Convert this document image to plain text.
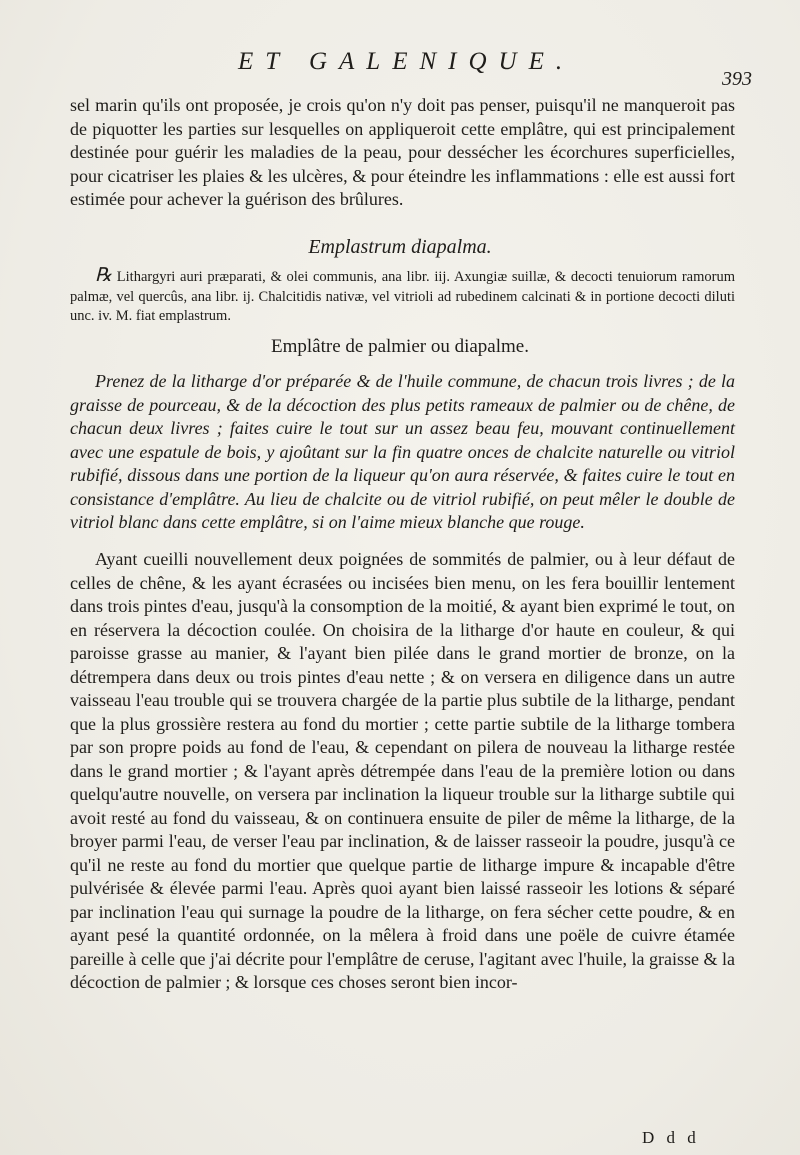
ET GALENIQUE.
393

sel marin qu'ils ont proposée, je crois qu'on n'y doit pas penser, puisqu'il ne manqueroit pas de piquotter les parties sur lesquelles on appliqueroit cette emplâtre, qui est principalement destinée pour guérir les maladies de la peau, pour dessécher les écorchures superficielles, pour cicatriser les plaies & les ulcères, & pour éteindre les inflammations : elle est aussi fort estimée pour achever la guérison des brûlures.

Emplastrum diapalma.

℞ Lithargyri auri præparati, & olei communis, ana libr. iij. Axungiæ suillæ, & decocti tenuiorum ramorum palmæ, vel quercûs, ana libr. ij. Chalcitidis nativæ, vel vitrioli ad rubedinem calcinati & in portione decocti diluti unc. iv. M. fiat emplastrum.

Emplâtre de palmier ou diapalme.

Prenez de la litharge d'or préparée & de l'huile commune, de chacun trois livres ; de la graisse de pourceau, & de la décoction des plus petits rameaux de palmier ou de chêne, de chacun deux livres ; faites cuire le tout sur un assez beau feu, mouvant continuellement avec une espatule de bois, y ajoûtant sur la fin quatre onces de chalcite naturelle ou vitriol rubifié, dissous dans une portion de la liqueur qu'on aura réservée, & faites cuire le tout en consistance d'emplâtre. Au lieu de chalcite ou de vitriol rubifié, on peut mêler le double de vitriol blanc dans cette emplâtre, si on l'aime mieux blanche que rouge.

Ayant cueilli nouvellement deux poignées de sommités de palmier, ou à leur défaut de celles de chêne, & les ayant écrasées ou incisées bien menu, on les fera bouillir lentement dans trois pintes d'eau, jusqu'à la consomption de la moitié, & ayant bien exprimé le tout, on en réservera la décoction coulée. On choisira de la litharge d'or haute en couleur, & qui paroisse grasse au manier, & l'ayant bien pilée dans le grand mortier de bronze, on la détrempera dans deux ou trois pintes d'eau nette ; & on versera en diligence dans un autre vaisseau l'eau trouble qui se trouvera chargée de la partie plus subtile de la litharge, pendant que la plus grossière restera au fond du mortier ; cette partie subtile de la litharge tombera par son propre poids au fond de l'eau, & cependant on pilera de nouveau la litharge restée dans le grand mortier ; & l'ayant après détrempée dans l'eau de la première lotion ou dans quelqu'autre nouvelle, on versera par inclination la liqueur trouble sur la litharge subtile qui avoit resté au fond du vaisseau, & on continuera ensuite de piler de même la litharge, de la broyer parmi l'eau, de verser l'eau par inclination, & de laisser rasseoir la poudre, jusqu'à ce qu'il ne reste au fond du mortier que quelque partie de litharge impure & incapable d'être pulvérisée & élevée parmi l'eau. Après quoi ayant bien laissé rasseoir les lotions & séparé par inclination l'eau qui surnage la poudre de la litharge, on fera sécher cette poudre, & en ayant pesé la quantité ordonnée, on la mêlera à froid dans une poële de cuivre étamée pareille à celle que j'ai décrite pour l'emplâtre de ceruse, l'agitant avec l'huile, la graisse & la décoction de palmier ; & lorsque ces choses seront bien incor-

D d d
